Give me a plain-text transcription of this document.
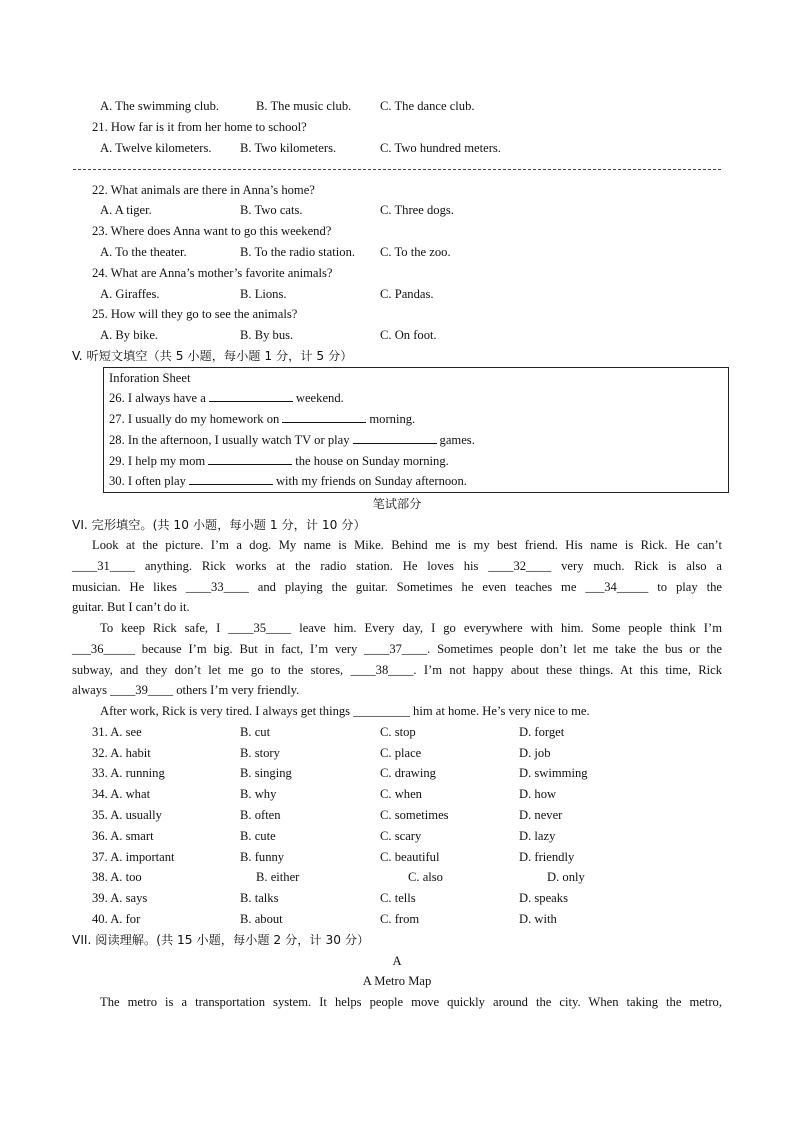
A. The swimming club.	B. The music club. C. The dance club.
21. How far is it from her home to school?
A. Twelve kilometers. B. Two kilometers.	C. Two hundred meters.
22. What animals are there in Anna’s home?
A. A tiger.	B. Two cats.	C. Three dogs.
23. Where does Anna want to go this weekend?
A. To the theater.	B. To the radio station. C. To the zoo.
24. What are Anna’s mother’s favorite animals?
A. Giraffes.	B. Lions.	C. Pandas.
25. How will they go to see the animals?
A. By bike.	B. By bus.	C. On foot.
V. 听短文填空（共 5 小题，每小题 1 分，计 5 分）
Inforation Sheet
26. I always have a	weekend.
27. I usually do my homework on	morning.
28. In the afternoon, I usually watch TV or play	games.
29. I help my mom	the house on Sunday morning.
30. I often play	with my friends on Sunday afternoon.
笔试部分
VI. 完形填空。(共 10 小题，每小题 1 分，计 10 分）
Look at the picture. I’m a dog. My name is Mike. Behind me is my best friend. His name is Rick. He can’t
____31____ anything. Rick works at the radio station. He loves his ____32____ very much. Rick is also a
musician. He likes ____33____ and playing the guitar. Sometimes he even teaches me ___34_____ to play the
guitar. But I can’t do it.
To keep Rick safe, I ____35____ leave him. Every day, I go everywhere with him. Some people think I’m
___36_____ because I’m big. But in fact, I’m very ____37____. Sometimes people don’t let me take the bus or the
subway, and they don’t let me go to the stores, ____38____. I’m not happy about these things. At this time, Rick
always ____39____ others I’m very friendly.
After work, Rick is very tired. I always get things _________ him at home. He’s very nice to me.
31. A. see	B. cut	C. stop	D. forget
32. A. habit	B. story	C. place	D. job
33. A. running	B. singing	C. drawing	D. swimming
34. A. what	B. why	C. when	D. how
35. A. usually	B. often	C. sometimes	D. never
36. A. smart	B. cute	C. scary	D. lazy
37. A. important	B. funny	C. beautiful	D. friendly
38. A. too	B. either	C. also	D. only
39. A. says	B. talks	C. tells	D. speaks
40. A. for	B. about	C. from	D. with
VII. 阅读理解。(共 15 小题，每小题 2 分，计 30 分）
A
A Metro Map
The metro is a transportation system. It helps people move quickly around the city. When taking the metro,
